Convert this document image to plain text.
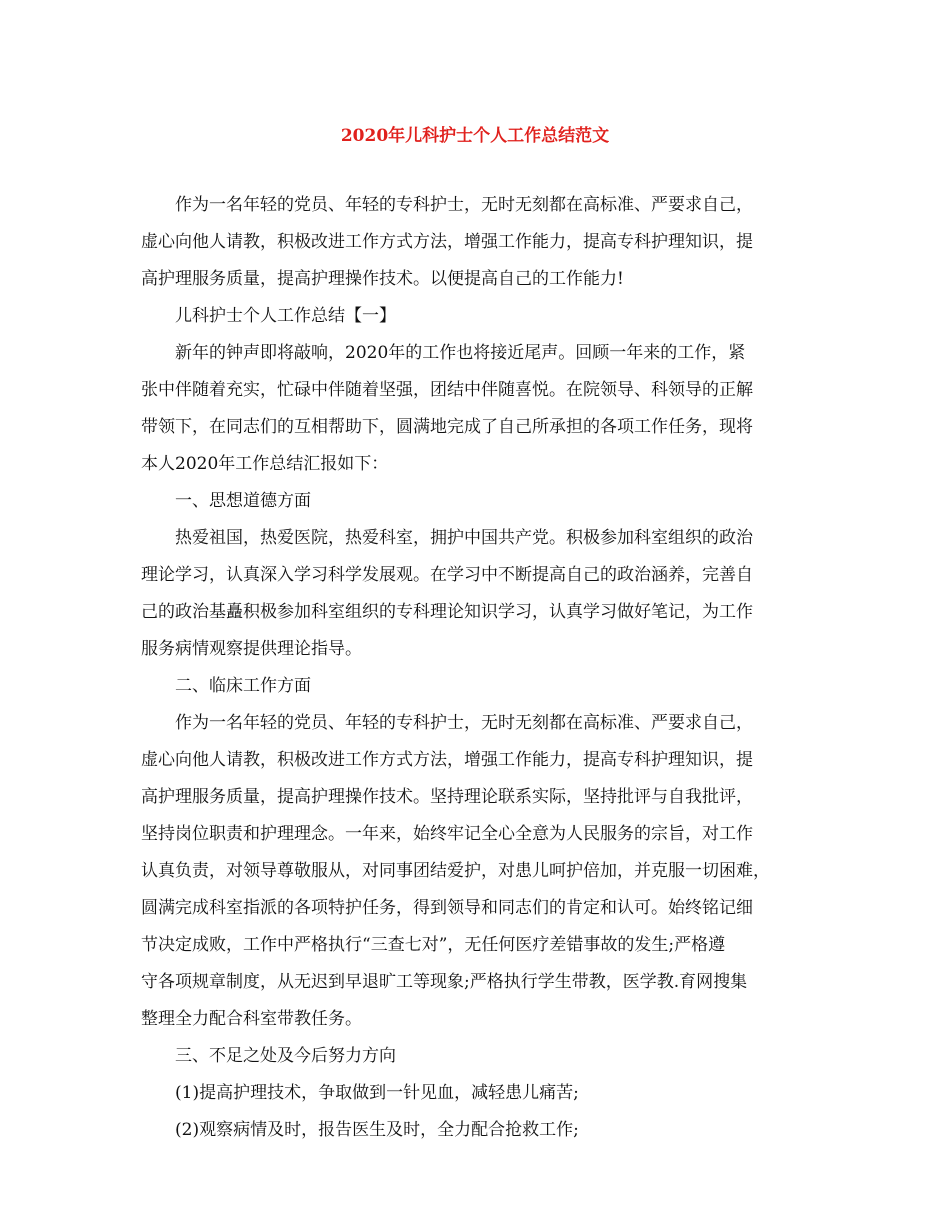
2020年儿科护士个人工作总结范文

作为一名年轻的党员、年轻的专科护士，无时无刻都在高标准、严要求自己，
虚心向他人请教，积极改进工作方式方法，增强工作能力，提高专科护理知识，提
高护理服务质量，提高护理操作技术。以便提高自己的工作能力!

儿科护士个人工作总结【一】

新年的钟声即将敲响，2020年的工作也将接近尾声。回顾一年来的工作，紧
张中伴随着充实，忙碌中伴随着坚强，团结中伴随喜悦。在院领导、科领导的正解
带领下，在同志们的互相帮助下，圆满地完成了自己所承担的各项工作任务，现将
本人2020年工作总结汇报如下：

一、思想道德方面

热爱祖国，热爱医院，热爱科室，拥护中国共产党。积极参加科室组织的政治
理论学习，认真深入学习科学发展观。在学习中不断提高自己的政治涵养，完善自
己的政治基矗积极参加科室组织的专科理论知识学习，认真学习做好笔记，为工作
服务病情观察提供理论指导。

二、临床工作方面

作为一名年轻的党员、年轻的专科护士，无时无刻都在高标准、严要求自己，
虚心向他人请教，积极改进工作方式方法，增强工作能力，提高专科护理知识，提
高护理服务质量，提高护理操作技术。坚持理论联系实际，坚持批评与自我批评，
坚持岗位职责和护理理念。一年来，始终牢记全心全意为人民服务的宗旨，对工作
认真负责，对领导尊敬服从，对同事团结爱护，对患儿呵护倍加，并克服一切困难，
圆满完成科室指派的各项特护任务，得到领导和同志们的肯定和认可。始终铭记细
节决定成败，工作中严格执行“三查七对”，无任何医疗差错事故的发生;严格遵
守各项规章制度，从无迟到早退旷工等现象;严格执行学生带教，医学教.育网搜集
整理全力配合科室带教任务。

三、不足之处及今后努力方向

(1)提高护理技术，争取做到一针见血，减轻患儿痛苦;

(2)观察病情及时，报告医生及时，全力配合抢救工作;
